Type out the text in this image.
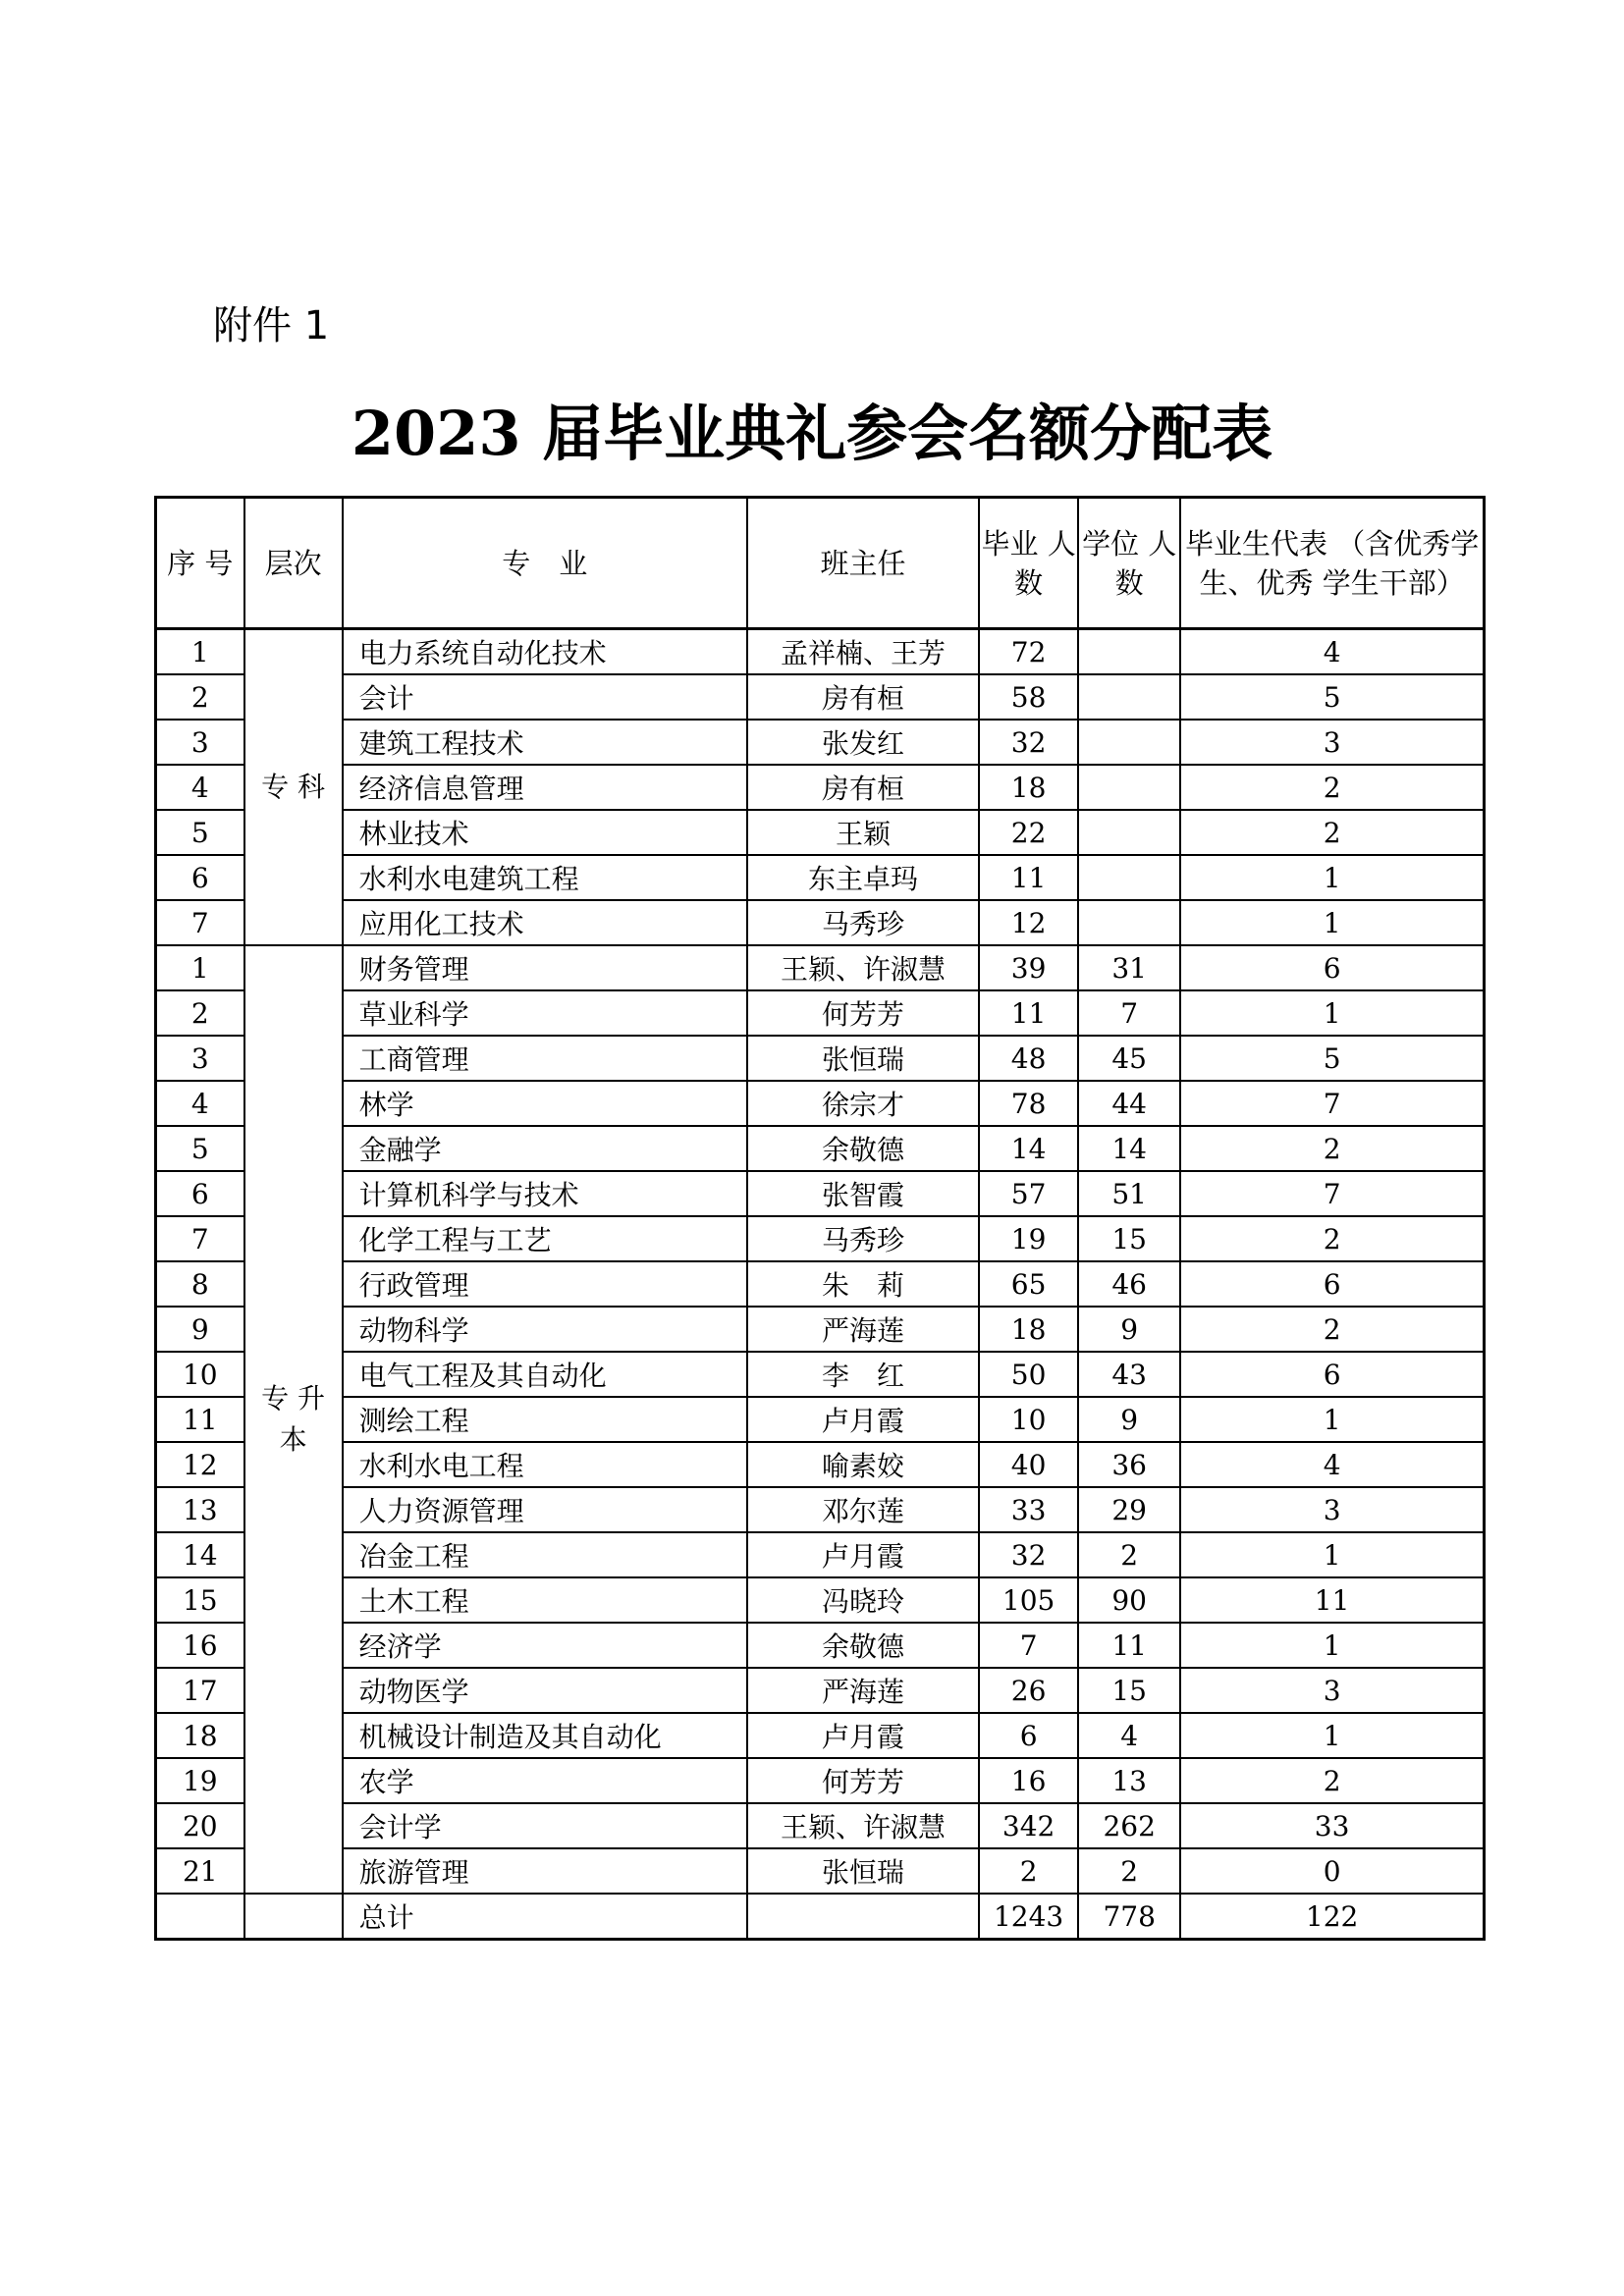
附件 1
2023 届毕业典礼参会名额分配表
序 号	层次	专　业	班主任	毕业 人数	学位 人数	毕业生代表 （含优秀学生、优秀 学生干部）
1	专 科	电力系统自动化技术	孟祥楠、王芳	72		4
2		会计	房有桓	58		5
3		建筑工程技术	张发红	32		3
4		经济信息管理	房有桓	18		2
5		林业技术	王颖	22		2
6		水利水电建筑工程	东主卓玛	11		1
7		应用化工技术	马秀珍	12		1
1	专 升 本	财务管理	王颖、许淑慧	39	31	6
2		草业科学	何芳芳	11	7	1
3		工商管理	张恒瑞	48	45	5
4		林学	徐宗才	78	44	7
5		金融学	余敬德	14	14	2
6		计算机科学与技术	张智霞	57	51	7
7		化学工程与工艺	马秀珍	19	15	2
8		行政管理	朱　莉	65	46	6
9		动物科学	严海莲	18	9	2
10		电气工程及其自动化	李　红	50	43	6
11		测绘工程	卢月霞	10	9	1
12		水利水电工程	喻素姣	40	36	4
13		人力资源管理	邓尔莲	33	29	3
14		冶金工程	卢月霞	32	2	1
15		土木工程	冯晓玲	105	90	11
16		经济学	余敬德	7	11	1
17		动物医学	严海莲	26	15	3
18		机械设计制造及其自动化	卢月霞	6	4	1
19		农学	何芳芳	16	13	2
20		会计学	王颖、许淑慧	342	262	33
21		旅游管理	张恒瑞	2	2	0
		总计		1243	778	122
